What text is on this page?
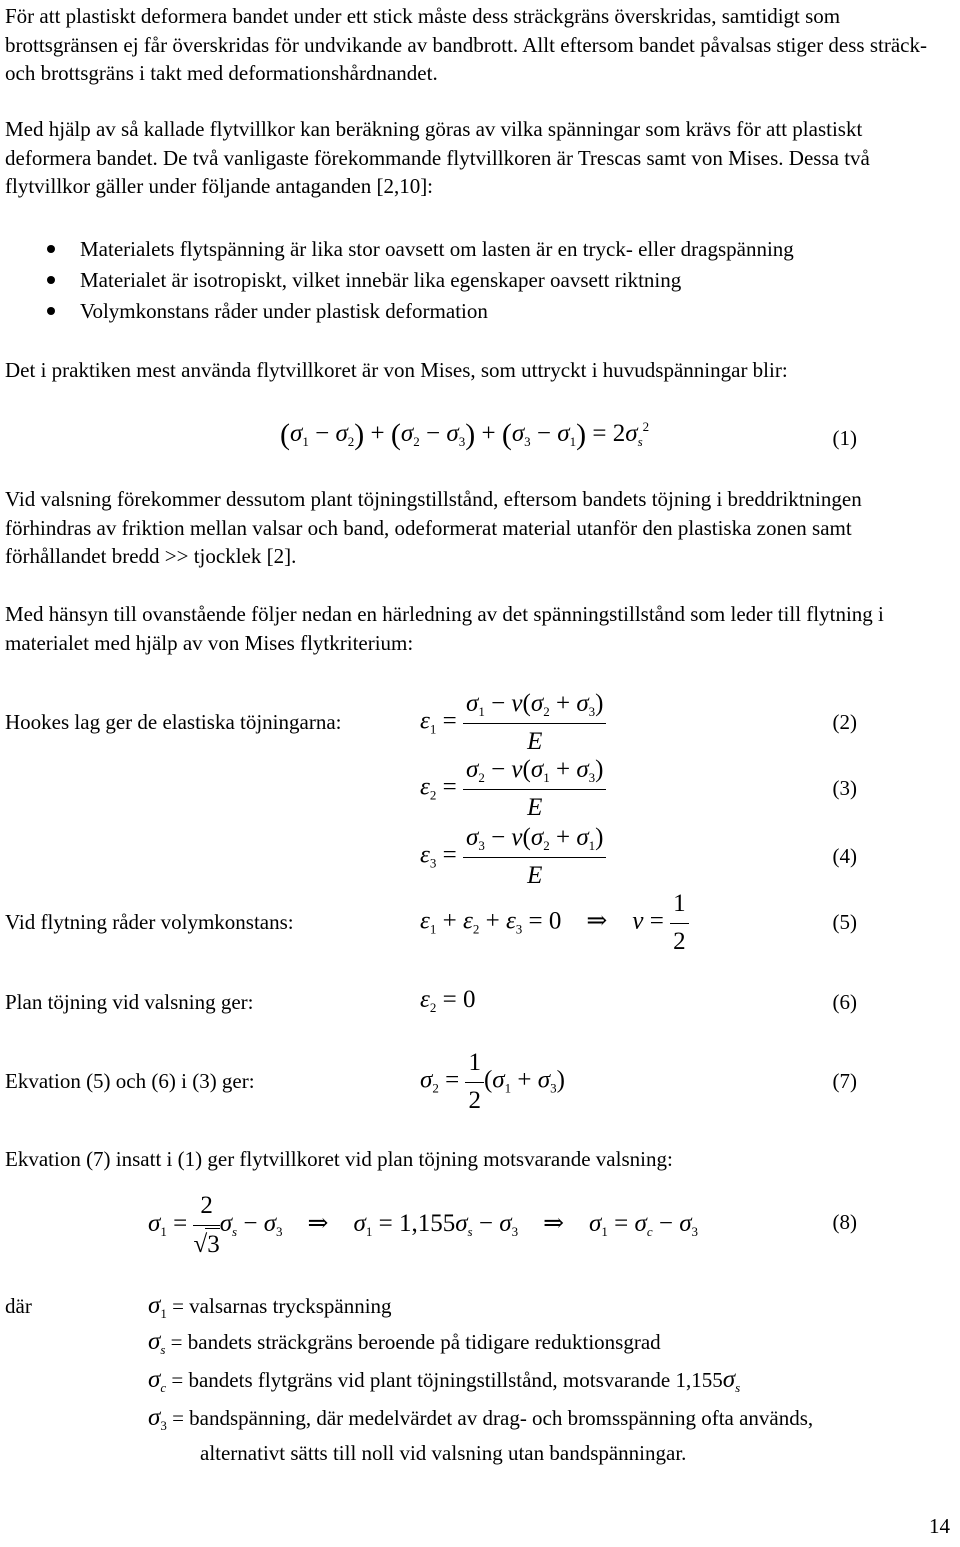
För att plastiskt deformera bandet under ett stick måste dess sträckgräns överskridas, samtidigt som brottsgränsen ej får överskridas för undvikande av bandbrott. Allt eftersom bandet påvalsas stiger dess sträck- och brottsgräns i takt med deformationshårdnandet.

Med hjälp av så kallade flytvillkor kan beräkning göras av vilka spänningar som krävs för att plastiskt deformera bandet. De två vanligaste förekommande flytvillkoren är Trescas samt von Mises. Dessa två flytvillkor gäller under följande antaganden [2,10]:

Materialets flytspänning är lika stor oavsett om lasten är en tryck- eller dragspänning
Materialet är isotropiskt, vilket innebär lika egenskaper oavsett riktning
Volymkonstans råder under plastisk deformation

Det i praktiken mest använda flytvillkoret är von Mises, som uttryckt i huvudspänningar blir:

$(\sigma_1 - \sigma_2) + (\sigma_2 - \sigma_3) + (\sigma_3 - \sigma_1) = 2\sigma_s^2$	(1)

Vid valsning förekommer dessutom plant töjningstillstånd, eftersom bandets töjning i breddriktningen förhindras av friktion mellan valsar och band, odeformerat material utanför den plastiska zonen samt förhållandet bredd >> tjocklek [2].

Med hänsyn till ovanstående följer nedan en härledning av det spänningstillstånd som leder till flytning i materialet med hjälp av von Mises flytkriterium:

Hookes lag ger de elastiska töjningarna:	$\varepsilon_1 = \frac{\sigma_1 - v(\sigma_2 + \sigma_3)}{E}$	(2)
$\varepsilon_2 = \frac{\sigma_2 - v(\sigma_1 + \sigma_3)}{E}$	(3)
$\varepsilon_3 = \frac{\sigma_3 - v(\sigma_2 + \sigma_1)}{E}$	(4)
Vid flytning råder volymkonstans:	$\varepsilon_1 + \varepsilon_2 + \varepsilon_3 = 0$    ⇒    $v = \frac{1}{2}$	(5)
Plan töjning vid valsning ger:	$\varepsilon_2 = 0$	(6)
Ekvation (5) och (6) i (3) ger:	$\sigma_2 = \frac{1}{2} (\sigma_1 + \sigma_3)$	(7)

Ekvation (7) insatt i (1) ger flytvillkoret vid plan töjning motsvarande valsning:

$\sigma_1 = \frac{2}{√3} \sigma_s - \sigma_3$    ⇒    $\sigma_1 = 1,155\sigma_s - \sigma_3$    ⇒    $\sigma_1 = \sigma_c - \sigma_3$	(8)
där	$\sigma_1$ = valsarnas tryckspänning
$\sigma_s = bandets$ sträckgräns beroende på tidigare reduktionsgrad
$\sigma_c = bandets$ flytgräns vid plant töjningstillstånd, motsvarande $1,155\sigma_s$
$\sigma_3$ = bandspänning, där medelvärdet av drag- och bromsspänning ofta används,
alternativt sätts till noll vid valsning utan bandspänningar.
14
